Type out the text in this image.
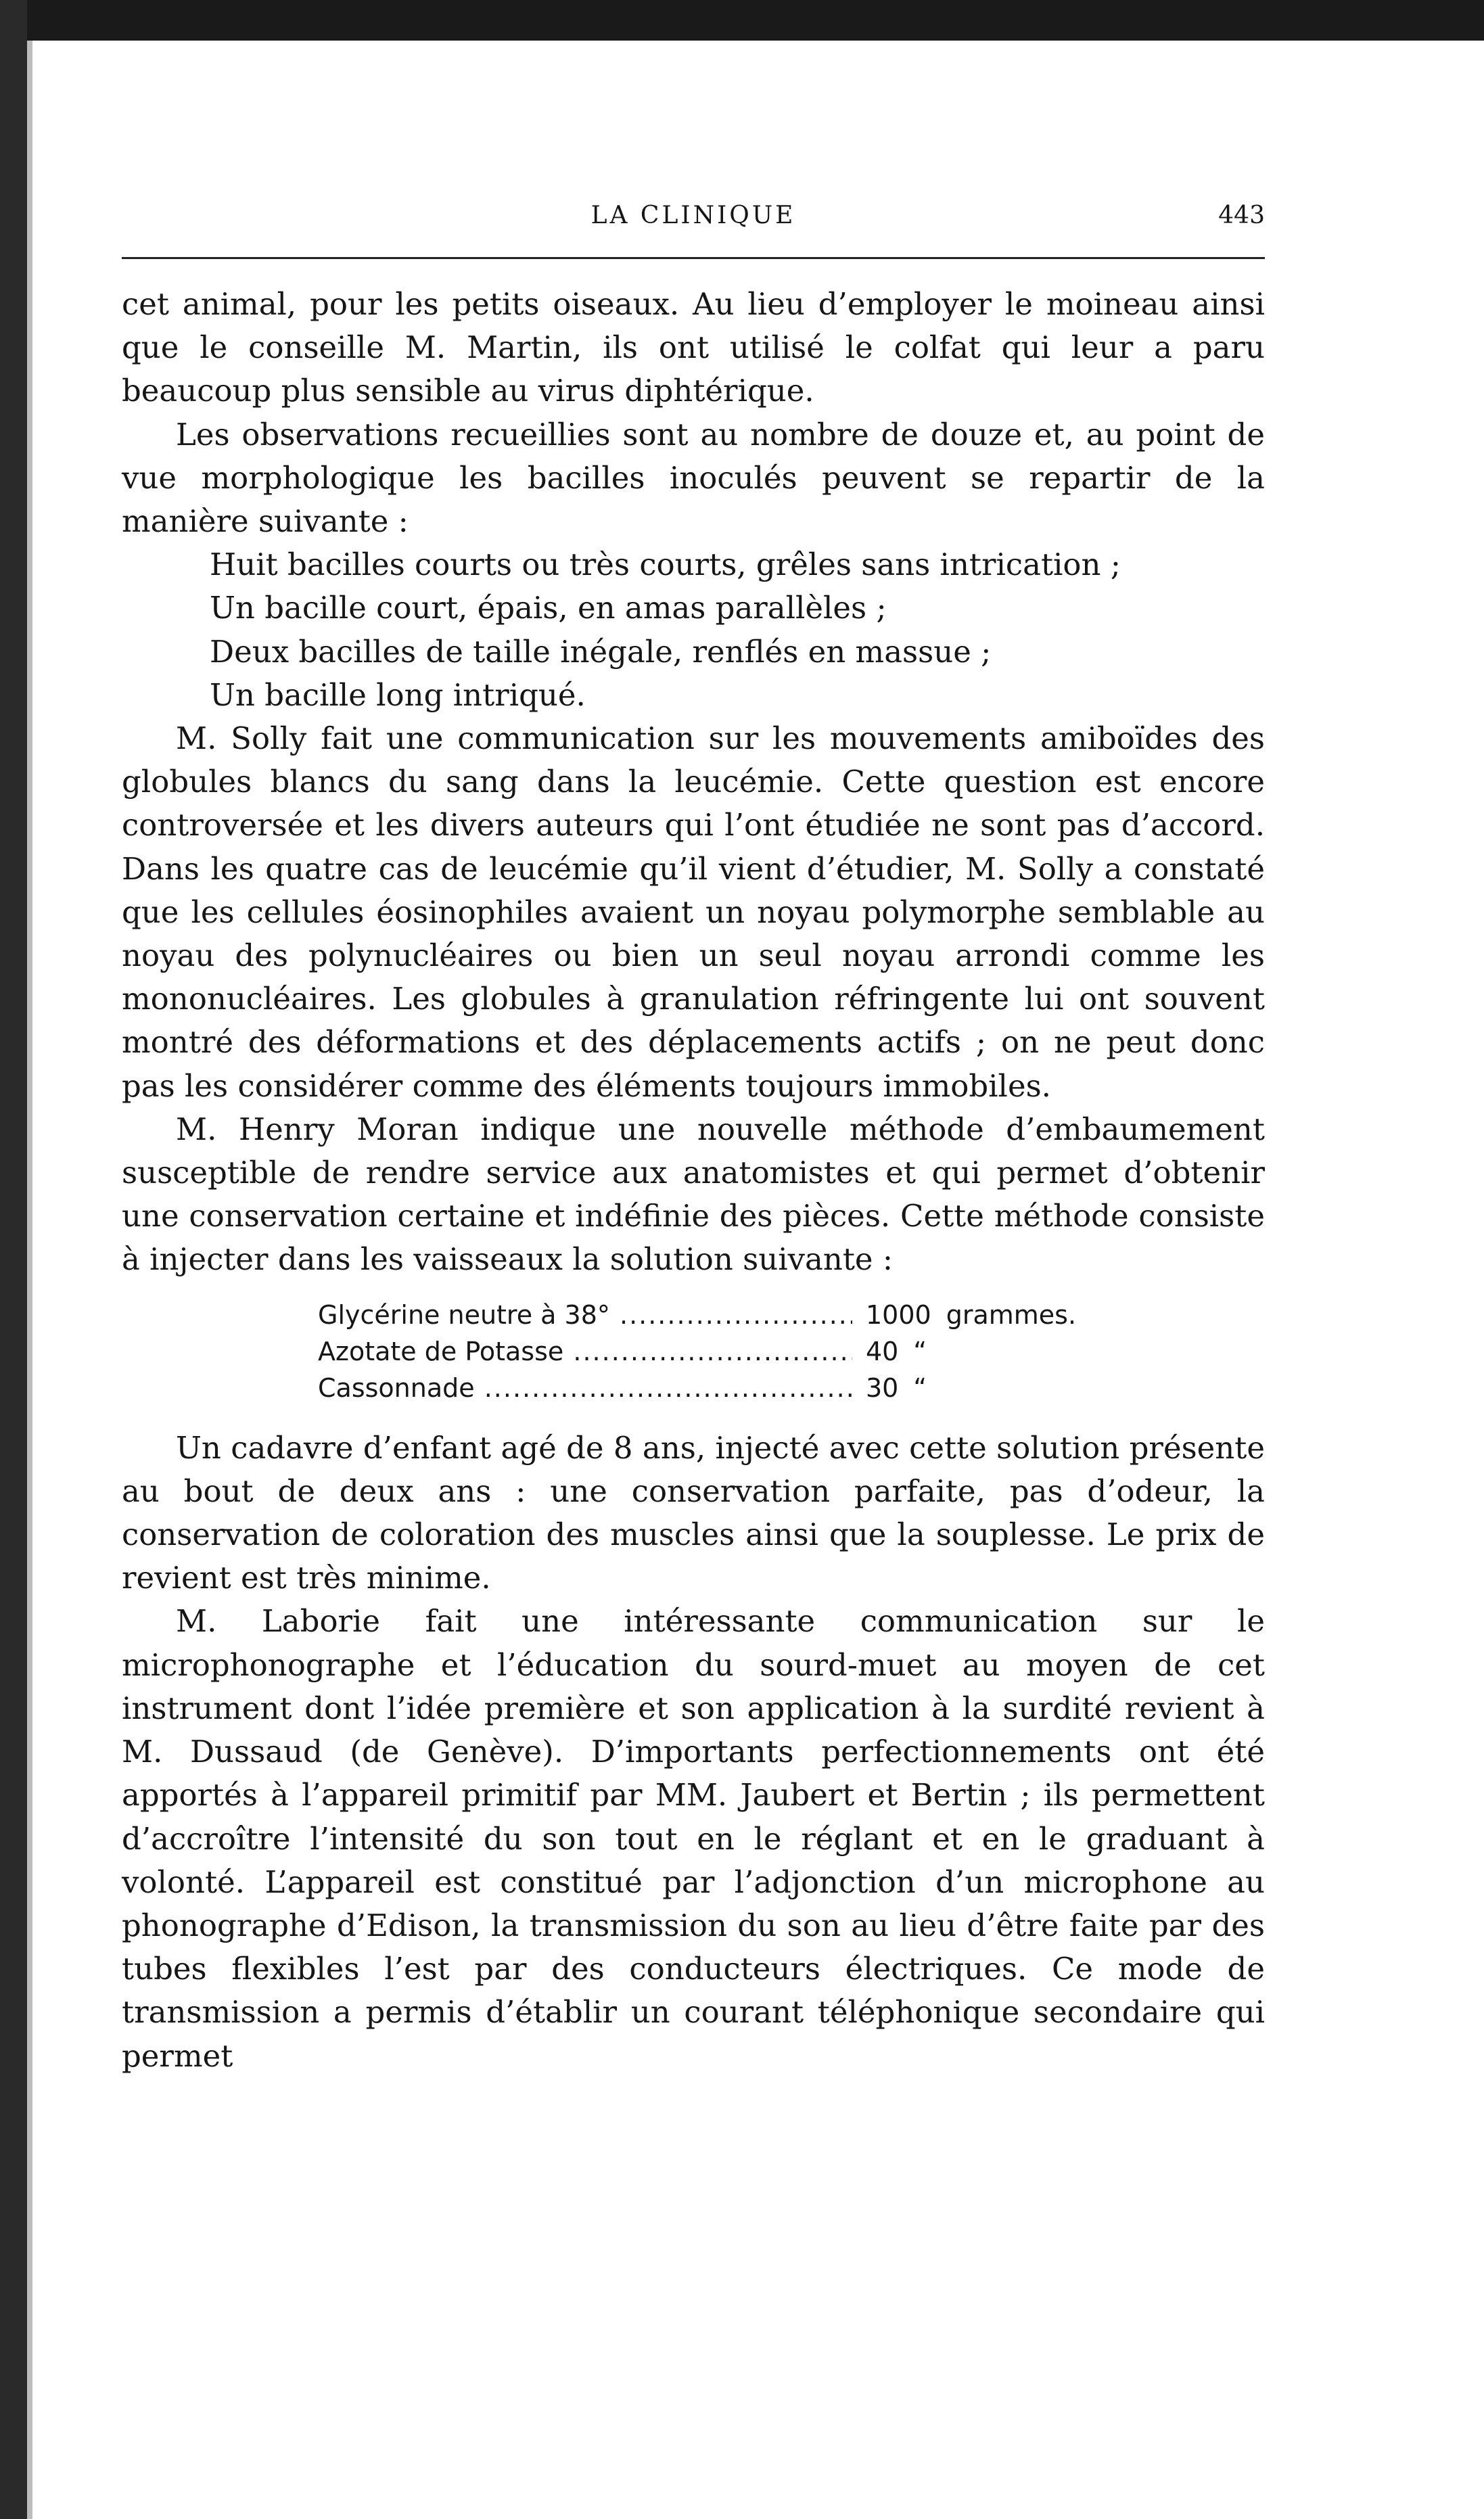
LA CLINIQUE	443

cet animal, pour les petits oiseaux. Au lieu d’employer le moineau ainsi que le conseille M. Martin, ils ont utilisé le colfat qui leur a paru beaucoup plus sensible au virus diphtérique.

Les observations recueillies sont au nombre de douze et, au point de vue morphologique les bacilles inoculés peuvent se repartir de la manière suivante :

Huit bacilles courts ou très courts, grêles sans intrication ;

Un bacille court, épais, en amas parallèles ;

Deux bacilles de taille inégale, renflés en massue ;

Un bacille long intriqué.

M. Solly fait une communication sur les mouvements amiboïdes des globules blancs du sang dans la leucémie. Cette question est encore controversée et les divers auteurs qui l’ont étudiée ne sont pas d’accord. Dans les quatre cas de leucémie qu’il vient d’étudier, M. Solly a constaté que les cellules éosinophiles avaient un noyau polymorphe semblable au noyau des polynucléaires ou bien un seul noyau arrondi comme les mononucléaires. Les globules à granulation réfringente lui ont souvent montré des déformations et des déplacements actifs ; on ne peut donc pas les considérer comme des éléments toujours immobiles.

M. Henry Moran indique une nouvelle méthode d’embaumement susceptible de rendre service aux anatomistes et qui permet d’obtenir une conservation certaine et indéfinie des pièces. Cette méthode consiste à injecter dans les vaisseaux la solution suivante :

Glycérine neutre à 38° .....	1000 grammes.
Azotate de Potasse .....	40 “
Cassonnade .....	30 “

Un cadavre d’enfant agé de 8 ans, injecté avec cette solution présente au bout de deux ans : une conservation parfaite, pas d’odeur, la conservation de coloration des muscles ainsi que la souplesse. Le prix de revient est très minime.

M. Laborie fait une intéressante communication sur le microphonographe et l’éducation du sourd-muet au moyen de cet instrument dont l’idée première et son application à la surdité revient à M. Dussaud (de Genève). D’importants perfectionnements ont été apportés à l’appareil primitif par MM. Jaubert et Bertin ; ils permettent d’accroître l’intensité du son tout en le réglant et en le graduant à volonté. L’appareil est constitué par l’adjonction d’un microphone au phonographe d’Edison, la transmission du son au lieu d’être faite par des tubes flexibles l’est par des conducteurs électriques. Ce mode de transmission a permis d’établir un courant téléphonique secondaire qui permet
